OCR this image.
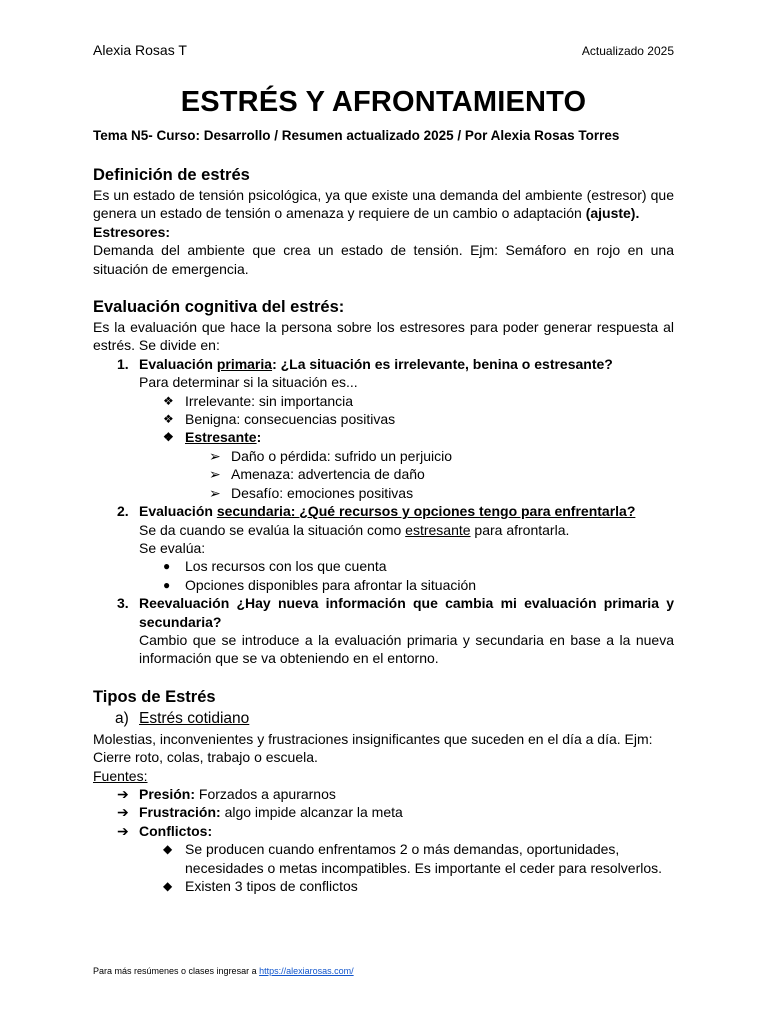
Alexia Rosas T	Actualizado 2025
ESTRÉS Y AFRONTAMIENTO
Tema N5- Curso: Desarrollo / Resumen actualizado 2025 / Por Alexia Rosas Torres
Definición de estrés

Es un estado de tensión psicológica, ya que existe una demanda del ambiente (estresor) que genera un estado de tensión o amenaza y requiere de un cambio o adaptación (ajuste).

Estresores:

Demanda del ambiente que crea un estado de tensión. Ejm: Semáforo en rojo en una situación de emergencia.

Evaluación cognitiva del estrés:

Es la evaluación que hace la persona sobre los estresores para poder generar respuesta al estrés. Se divide en:

1. Evaluación primaria: ¿La situación es irrelevante, benina o estresante?
Para determinar si la situación es...
❖ Irrelevante: sin importancia
❖ Benigna: consecuencias positivas
❖ Estresante:
➢ Daño o pérdida: sufrido un perjuicio
➢ Amenaza: advertencia de daño
➢ Desafío: emociones positivas
2. Evaluación secundaria: ¿Qué recursos y opciones tengo para enfrentarla?
Se da cuando se evalúa la situación como estresante para afrontarla.
Se evalúa:
● Los recursos con los que cuenta
● Opciones disponibles para afrontar la situación
3. Reevaluación ¿Hay nueva información que cambia mi evaluación primaria y secundaria?

Cambio que se introduce a la evaluación primaria y secundaria en base a la nueva información que se va obteniendo en el entorno.

Tipos de Estrés
a) Estrés cotidiano

Molestias, inconvenientes y frustraciones insignificantes que suceden en el día a día. Ejm: Cierre roto, colas, trabajo o escuela.

Fuentes:
➔ Presión: Forzados a apurarnos
➔ Frustración: algo impide alcanzar la meta
➔ Conflictos:
◆ Se producen cuando enfrentamos 2 o más demandas, oportunidades, necesidades o metas incompatibles. Es importante el ceder para resolverlos.
◆ Existen 3 tipos de conflictos
Para más resúmenes o clases ingresar a https://alexiarosas.com/
